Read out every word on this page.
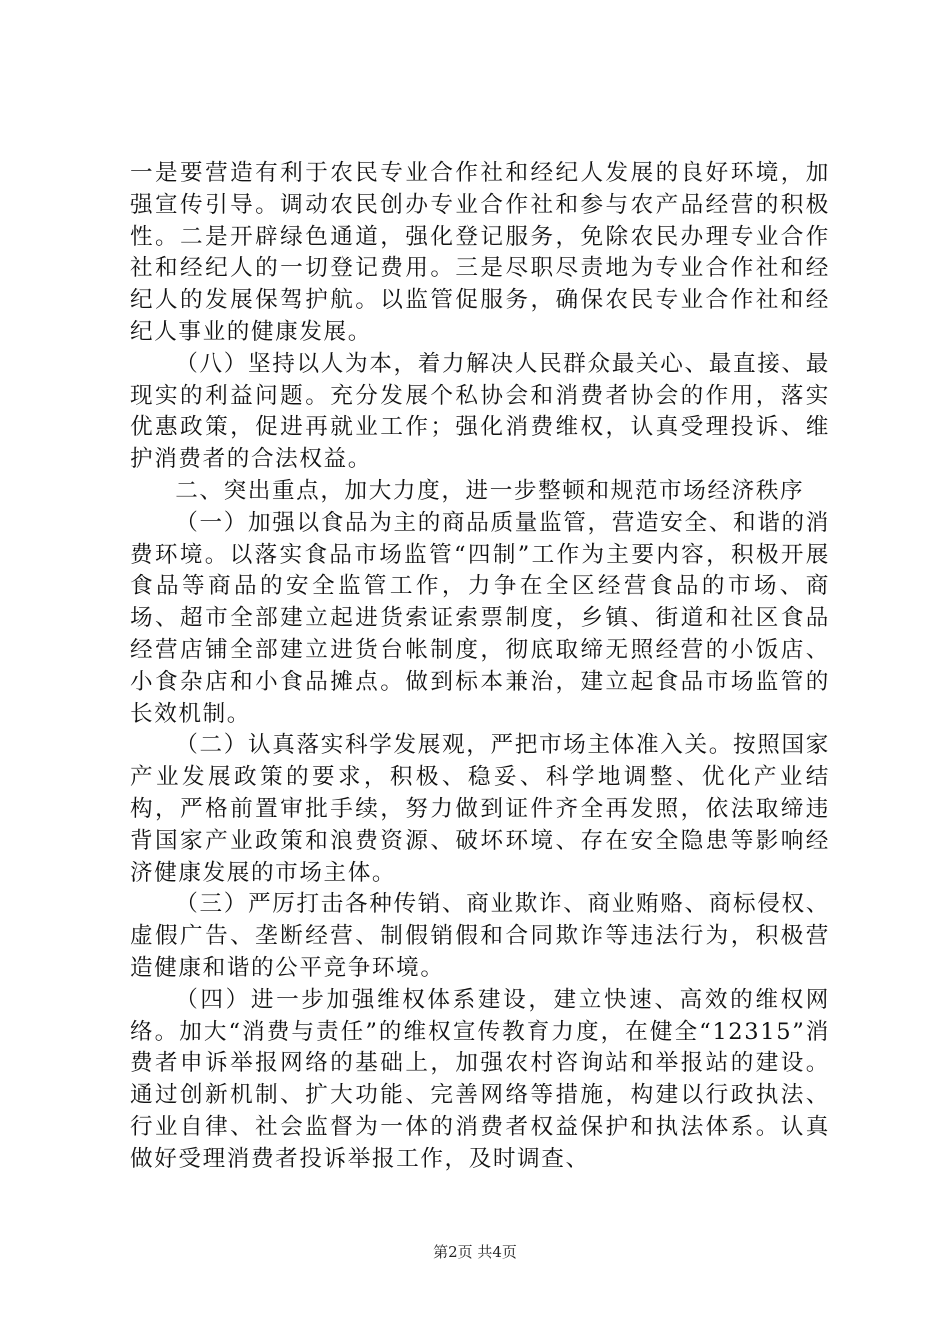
一是要营造有利于农民专业合作社和经纪人发展的良好环境，加强宣传引导。调动农民创办专业合作社和参与农产品经营的积极性。二是开辟绿色通道，强化登记服务，免除农民办理专业合作社和经纪人的一切登记费用。三是尽职尽责地为专业合作社和经纪人的发展保驾护航。以监管促服务，确保农民专业合作社和经纪人事业的健康发展。

（八）坚持以人为本，着力解决人民群众最关心、最直接、最现实的利益问题。充分发展个私协会和消费者协会的作用，落实优惠政策，促进再就业工作；强化消费维权，认真受理投诉、维护消费者的合法权益。

二、突出重点，加大力度，进一步整顿和规范市场经济秩序

（一）加强以食品为主的商品质量监管，营造安全、和谐的消费环境。以落实食品市场监管“四制”工作为主要内容，积极开展食品等商品的安全监管工作，力争在全区经营食品的市场、商场、超市全部建立起进货索证索票制度，乡镇、街道和社区食品经营店铺全部建立进货台帐制度，彻底取缔无照经营的小饭店、小食杂店和小食品摊点。做到标本兼治，建立起食品市场监管的长效机制。

（二）认真落实科学发展观，严把市场主体准入关。按照国家产业发展政策的要求，积极、稳妥、科学地调整、优化产业结构，严格前置审批手续，努力做到证件齐全再发照，依法取缔违背国家产业政策和浪费资源、破坏环境、存在安全隐患等影响经济健康发展的市场主体。

（三）严厉打击各种传销、商业欺诈、商业贿赂、商标侵权、虚假广告、垄断经营、制假销假和合同欺诈等违法行为，积极营造健康和谐的公平竞争环境。

（四）进一步加强维权体系建设，建立快速、高效的维权网络。加大“消费与责任”的维权宣传教育力度，在健全“12315”消费者申诉举报网络的基础上，加强农村咨询站和举报站的建设。通过创新机制、扩大功能、完善网络等措施，构建以行政执法、行业自律、社会监督为一体的消费者权益保护和执法体系。认真做好受理消费者投诉举报工作，及时调查、

第2页 共4页
